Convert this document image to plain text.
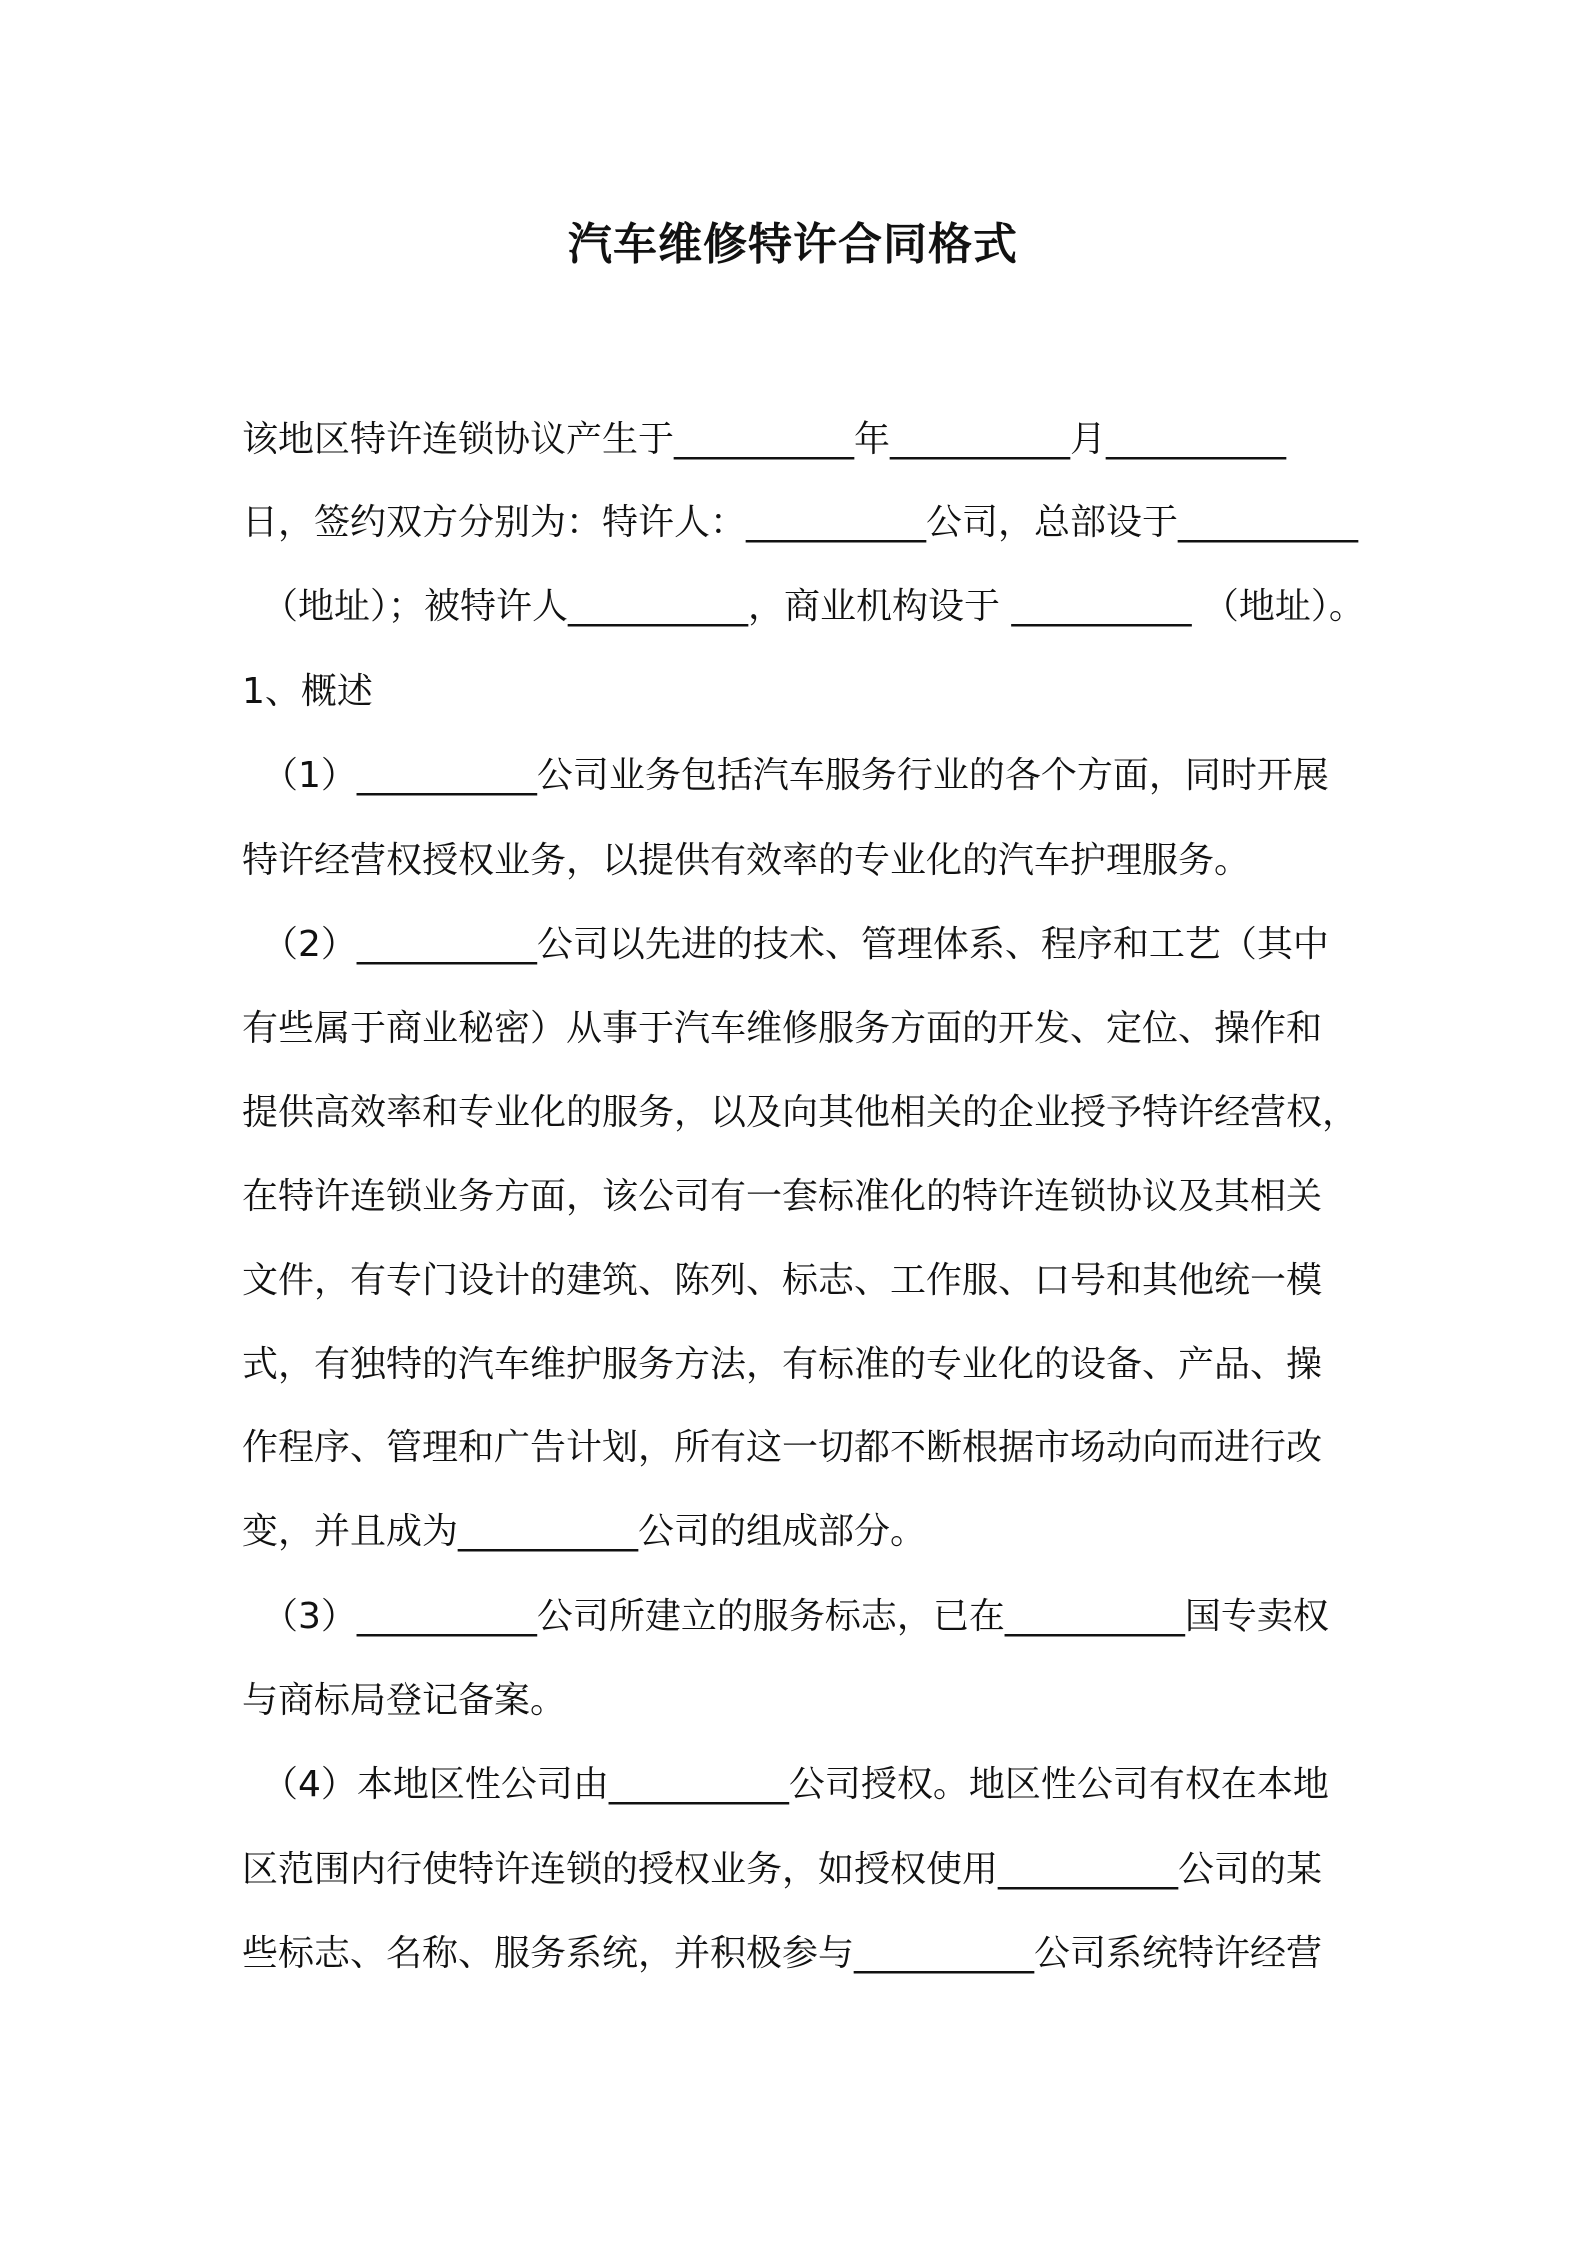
汽车维修特许合同格式
该地区特许连锁协议产生于__________年__________月__________
日，签约双方分别为：特许人：__________公司，总部设于__________
（地址）；被特许人__________，商业机构设于 __________ （地址）。
1、概述
（1）__________公司业务包括汽车服务行业的各个方面，同时开展
特许经营权授权业务，以提供有效率的专业化的汽车护理服务。
（2）__________公司以先进的技术、管理体系、程序和工艺（其中
有些属于商业秘密）从事于汽车维修服务方面的开发、定位、操作和
提供高效率和专业化的服务，以及向其他相关的企业授予特许经营权，
在特许连锁业务方面，该公司有一套标准化的特许连锁协议及其相关
文件，有专门设计的建筑、陈列、标志、工作服、口号和其他统一模
式，有独特的汽车维护服务方法，有标准的专业化的设备、产品、操
作程序、管理和广告计划，所有这一切都不断根据市场动向而进行改
变，并且成为__________公司的组成部分。
（3）__________公司所建立的服务标志，已在__________国专卖权
与商标局登记备案。
（4）本地区性公司由__________公司授权。地区性公司有权在本地
区范围内行使特许连锁的授权业务，如授权使用__________公司的某
些标志、名称、服务系统，并积极参与__________公司系统特许经营
